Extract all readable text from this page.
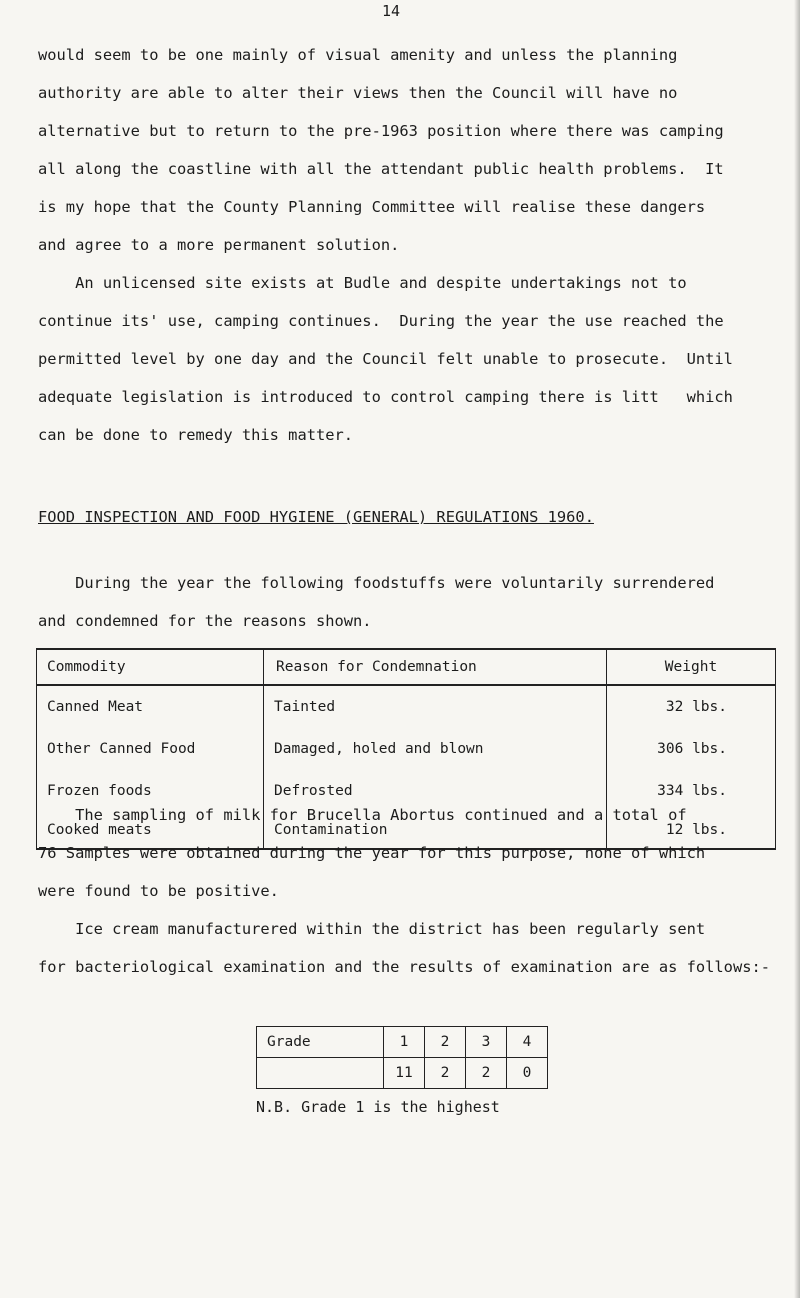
14

would seem to be one mainly of visual amenity and unless the planning
authority are able to alter their views then the Council will have no
alternative but to return to the pre-1963 position where there was camping
all along the coastline with all the attendant public health problems.  It
is my hope that the County Planning Committee will realise these dangers
and agree to a more permanent solution.

An unlicensed site exists at Budle and despite undertakings not to
continue its' use, camping continues.  During the year the use reached the
permitted level by one day and the Council felt unable to prosecute.  Until
adequate legislation is introduced to control camping there is litt   which
can be done to remedy this matter.

FOOD INSPECTION AND FOOD HYGIENE (GENERAL) REGULATIONS 1960.

During the year the following foodstuffs were voluntarily surrendered
and condemned for the reasons shown.

Commodity	Reason for Condemnation	Weight
Canned Meat	Tainted	32 lbs.
Other Canned Food	Damaged, holed and blown	306 lbs.
Frozen foods	Defrosted	334 lbs.
Cooked meats	Contamination	12 lbs.

The sampling of milk for Brucella Abortus continued and a total of
76 Samples were obtained during the year for this purpose, none of which
were found to be positive.
Ice cream manufacturered within the district has been regularly sent
for bacteriological examination and the results of examination are as follows:-

Grade	1	2	3	4
	11	2	2	0
N.B. Grade 1 is the highest
